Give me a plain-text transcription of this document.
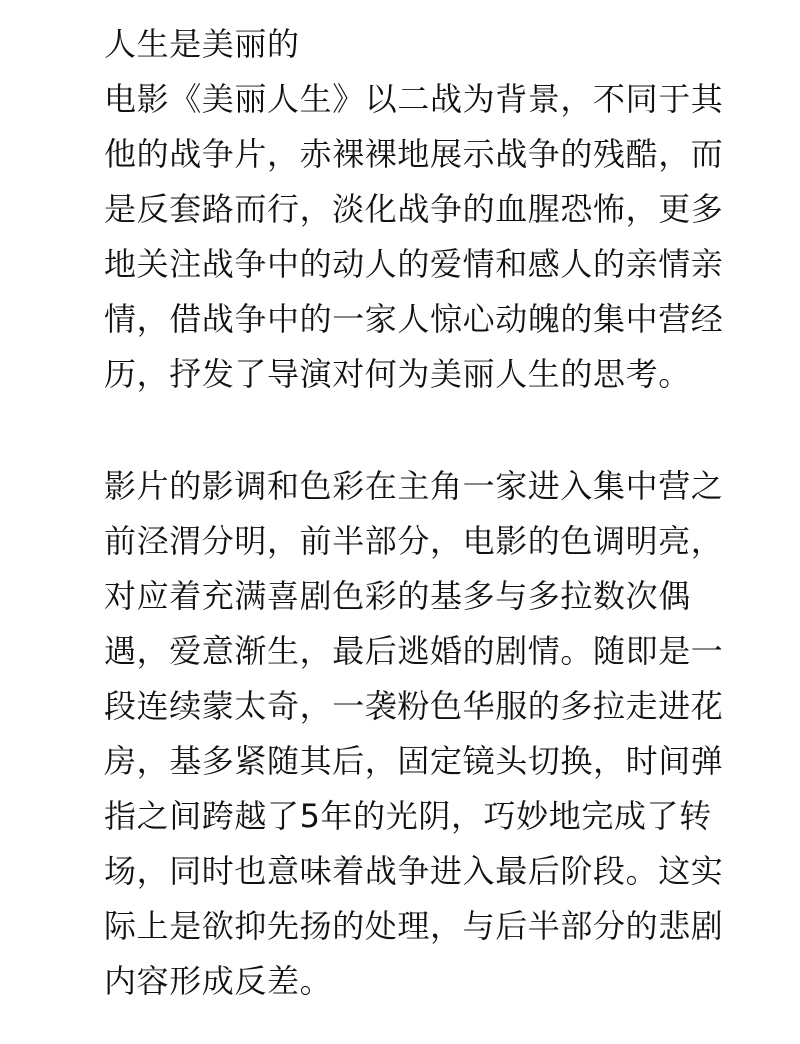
人生是美丽的
电影《美丽人生》以二战为背景，不同于其
他的战争片，赤裸裸地展示战争的残酷，而
是反套路而行，淡化战争的血腥恐怖，更多
地关注战争中的动人的爱情和感人的亲情亲
情，借战争中的一家人惊心动魄的集中营经
历，抒发了导演对何为美丽人生的思考。
影片的影调和色彩在主角一家进入集中营之
前泾渭分明，前半部分，电影的色调明亮，
对应着充满喜剧色彩的基多与多拉数次偶
遇，爱意渐生，最后逃婚的剧情。随即是一
段连续蒙太奇，一袭粉色华服的多拉走进花
房，基多紧随其后，固定镜头切换，时间弹
指之间跨越了5年的光阴，巧妙地完成了转
场，同时也意味着战争进入最后阶段。这实
际上是欲抑先扬的处理，与后半部分的悲剧
内容形成反差。
